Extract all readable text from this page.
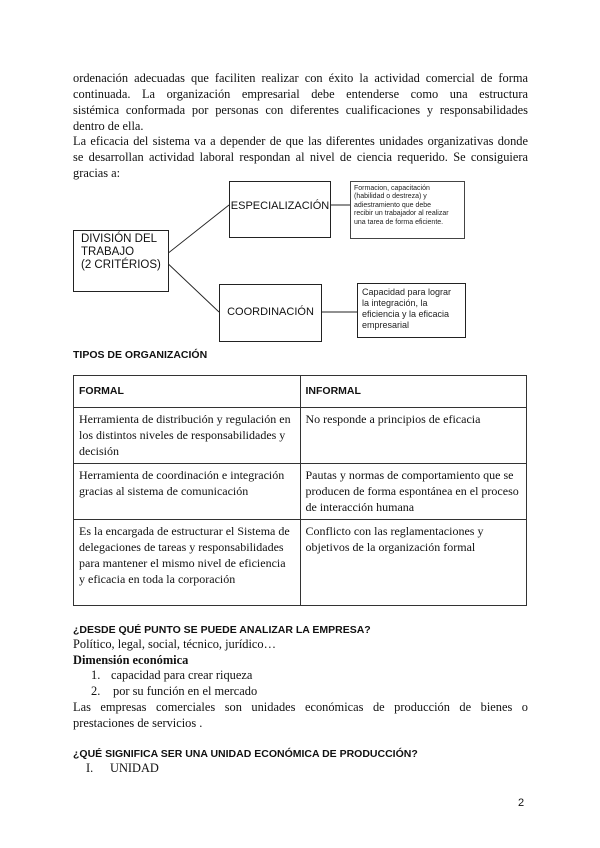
ordenación adecuadas que faciliten realizar con éxito la actividad comercial de forma
continuada. La organización empresarial debe entenderse como una estructura
sistémica conformada por personas con diferentes cualificaciones y responsabilidades
dentro de ella.
La eficacia del sistema va a depender de que las diferentes unidades organizativas donde
se desarrollan actividad laboral respondan al nivel de ciencia requerido. Se consiguiera
gracias a:
DIVISIÓN DEL
TRABAJO
(2 CRITÉRIOS)
ESPECIALIZACIÓN
Formacion, capacitación
(habilidad o destreza) y
adiestramiento que debe
recibir un trabajador al realizar
una tarea de forma eficiente.
COORDINACIÓN
Capacidad para lograr
la integración, la
eficiencia y la eficacia
empresarial
TIPOS DE ORGANIZACIÓN
FORMAL	INFORMAL
Herramienta de distribución y regulación en los distintos niveles de responsabilidades y decisión	No responde a principios de eficacia
Herramienta de coordinación e integración gracias al sistema de comunicación	Pautas y normas de comportamiento que se producen de forma espontánea en el proceso de interacción humana
Es la encargada de estructurar el Sistema de delegaciones de tareas y responsabilidades para mantener el mismo nivel de eficiencia y eficacia en toda la corporación	Conflicto con las reglamentaciones y objetivos de la organización formal
¿DESDE QUÉ PUNTO SE PUEDE ANALIZAR LA EMPRESA?
Político, legal, social, técnico, jurídico…
Dimensión económica
1. capacidad para crear riqueza
2.	por su función en el mercado
Las empresas comerciales son unidades económicas de producción de bienes o
prestaciones de servicios .
¿QUÉ SIGNIFICA SER UNA UNIDAD ECONÓMICA DE PRODUCCIÓN?
I.	UNIDAD
2
